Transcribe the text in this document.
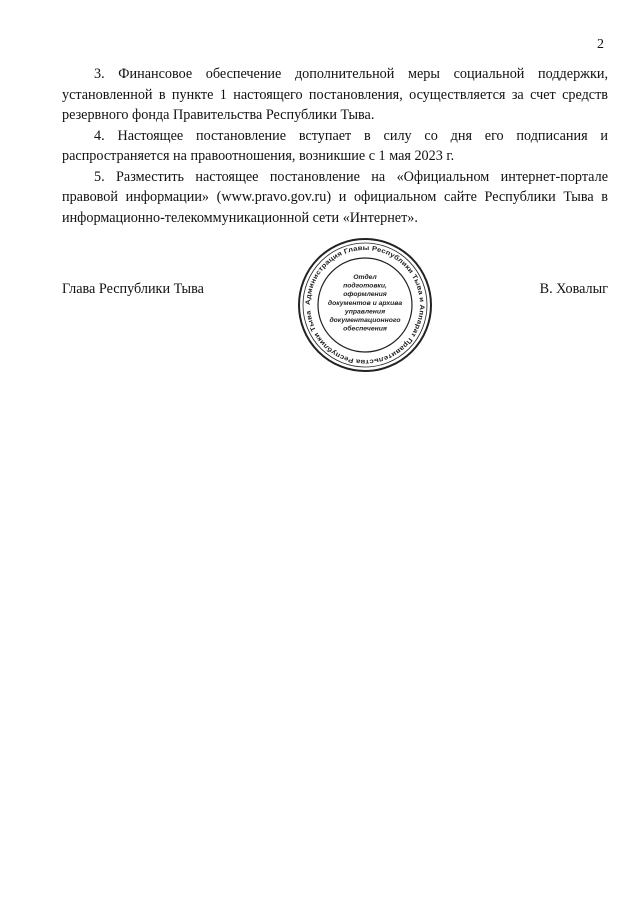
2

3. Финансовое обеспечение дополнительной меры социальной поддержки, установленной в пункте 1 настоящего постановления, осуществляется за счет средств резервного фонда Правительства Республики Тыва.

4. Настоящее постановление вступает в силу со дня его подписания и распространяется на правоотношения, возникшие с 1 мая 2023 г.

5. Разместить настоящее постановление на «Официальном интернет-портале правовой информации» (www.pravo.gov.ru) и официальном сайте Республики Тыва в информационно-телекоммуникационной сети «Интернет».

Глава Республики Тыва	В. Ховалыг
Администрация Главы Республики Тыва и Аппарат Правительства Республики Тыва
Отдел
подготовки,
оформления
документов и архива
управления
документационного
обеспечения
